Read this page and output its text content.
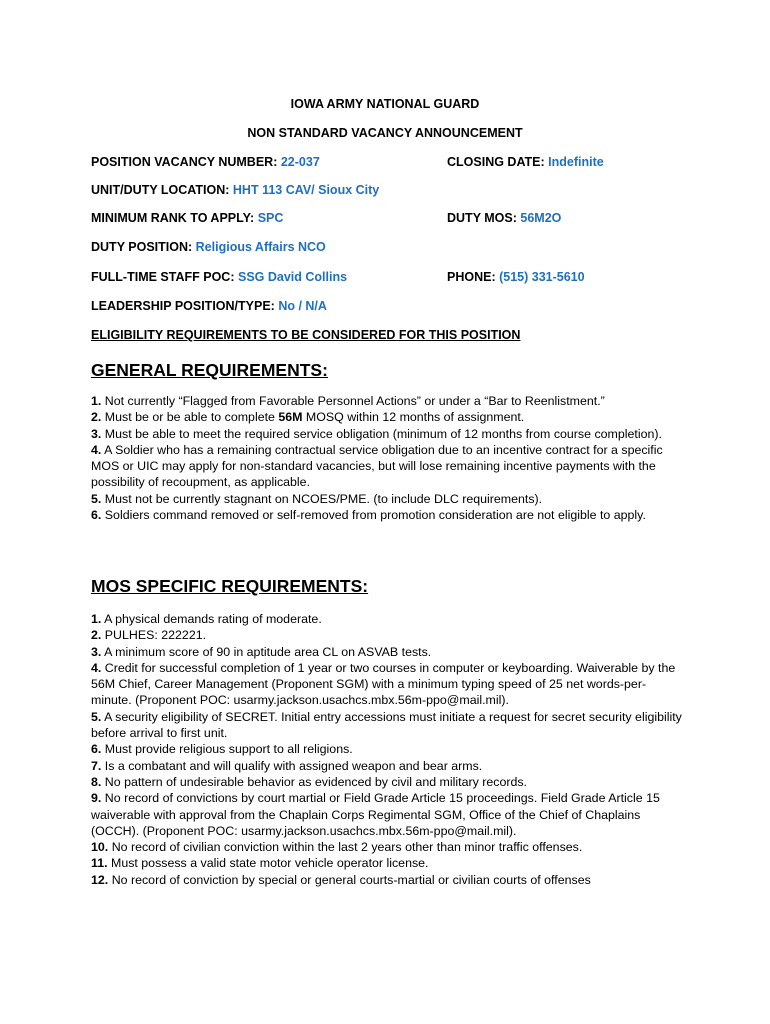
IOWA ARMY NATIONAL GUARD
NON STANDARD VACANCY ANNOUNCEMENT
POSITION VACANCY NUMBER: 22-037	CLOSING DATE: Indefinite
UNIT/DUTY LOCATION: HHT 113 CAV/ Sioux City
MINIMUM RANK TO APPLY: SPC	DUTY MOS: 56M2O
DUTY POSITION: Religious Affairs NCO
FULL-TIME STAFF POC: SSG David Collins	PHONE: (515) 331-5610
LEADERSHIP POSITION/TYPE: No / N/A
ELIGIBILITY REQUIREMENTS TO BE CONSIDERED FOR THIS POSITION
GENERAL REQUIREMENTS:
1. Not currently “Flagged from Favorable Personnel Actions” or under a “Bar to Reenlistment.”
2. Must be or be able to complete 56M MOSQ within 12 months of assignment.
3. Must be able to meet the required service obligation (minimum of 12 months from course completion).
4. A Soldier who has a remaining contractual service obligation due to an incentive contract for a specific MOS or UIC may apply for non-standard vacancies, but will lose remaining incentive payments with the possibility of recoupment, as applicable.
5. Must not be currently stagnant on NCOES/PME. (to include DLC requirements).
6. Soldiers command removed or self-removed from promotion consideration are not eligible to apply.
MOS SPECIFIC REQUIREMENTS:
1. A physical demands rating of moderate.
2. PULHES: 222221.
3. A minimum score of 90 in aptitude area CL on ASVAB tests.
4. Credit for successful completion of 1 year or two courses in computer or keyboarding. Waiverable by the 56M Chief, Career Management (Proponent SGM) with a minimum typing speed of 25 net words-per-minute. (Proponent POC: usarmy.jackson.usachcs.mbx.56m-ppo@mail.mil).
5. A security eligibility of SECRET. Initial entry accessions must initiate a request for secret security eligibility before arrival to first unit.
6. Must provide religious support to all religions.
7. Is a combatant and will qualify with assigned weapon and bear arms.
8. No pattern of undesirable behavior as evidenced by civil and military records.
9. No record of convictions by court martial or Field Grade Article 15 proceedings. Field Grade Article 15 waiverable with approval from the Chaplain Corps Regimental SGM, Office of the Chief of Chaplains (OCCH). (Proponent POC: usarmy.jackson.usachcs.mbx.56m-ppo@mail.mil).
10. No record of civilian conviction within the last 2 years other than minor traffic offenses.
11. Must possess a valid state motor vehicle operator license.
12. No record of conviction by special or general courts-martial or civilian courts of offenses
